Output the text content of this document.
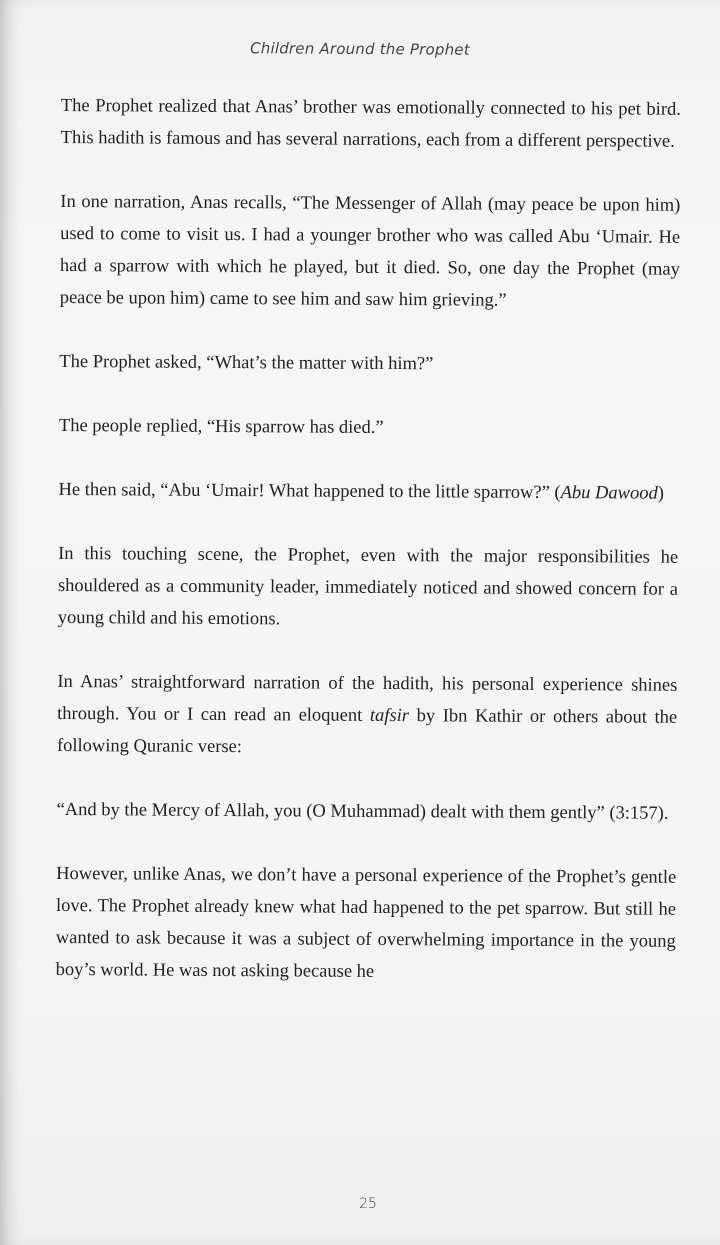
Children Around the Prophet

The Prophet realized that Anas’ brother was emotionally connected to his pet bird. This hadith is famous and has several narrations, each from a different perspective.

In one narration, Anas recalls, “The Messenger of Allah (may peace be upon him) used to come to visit us. I had a younger brother who was called Abu ‘Umair. He had a sparrow with which he played, but it died. So, one day the Prophet (may peace be upon him) came to see him and saw him grieving.”

The Prophet asked, “What’s the matter with him?”

The people replied, “His sparrow has died.”

He then said, “Abu ‘Umair! What happened to the little sparrow?” (Abu Dawood)

In this touching scene, the Prophet, even with the major responsibilities he shouldered as a community leader, immediately noticed and showed concern for a young child and his emotions.

In Anas’ straightforward narration of the hadith, his personal experience shines through. You or I can read an eloquent tafsir by Ibn Kathir or others about the following Quranic verse:

“And by the Mercy of Allah, you (O Muhammad) dealt with them gently” (3:157).

However, unlike Anas, we don’t have a personal experience of the Prophet’s gentle love. The Prophet already knew what had happened to the pet sparrow. But still he wanted to ask because it was a subject of overwhelming importance in the young boy’s world. He was not asking because he

25
